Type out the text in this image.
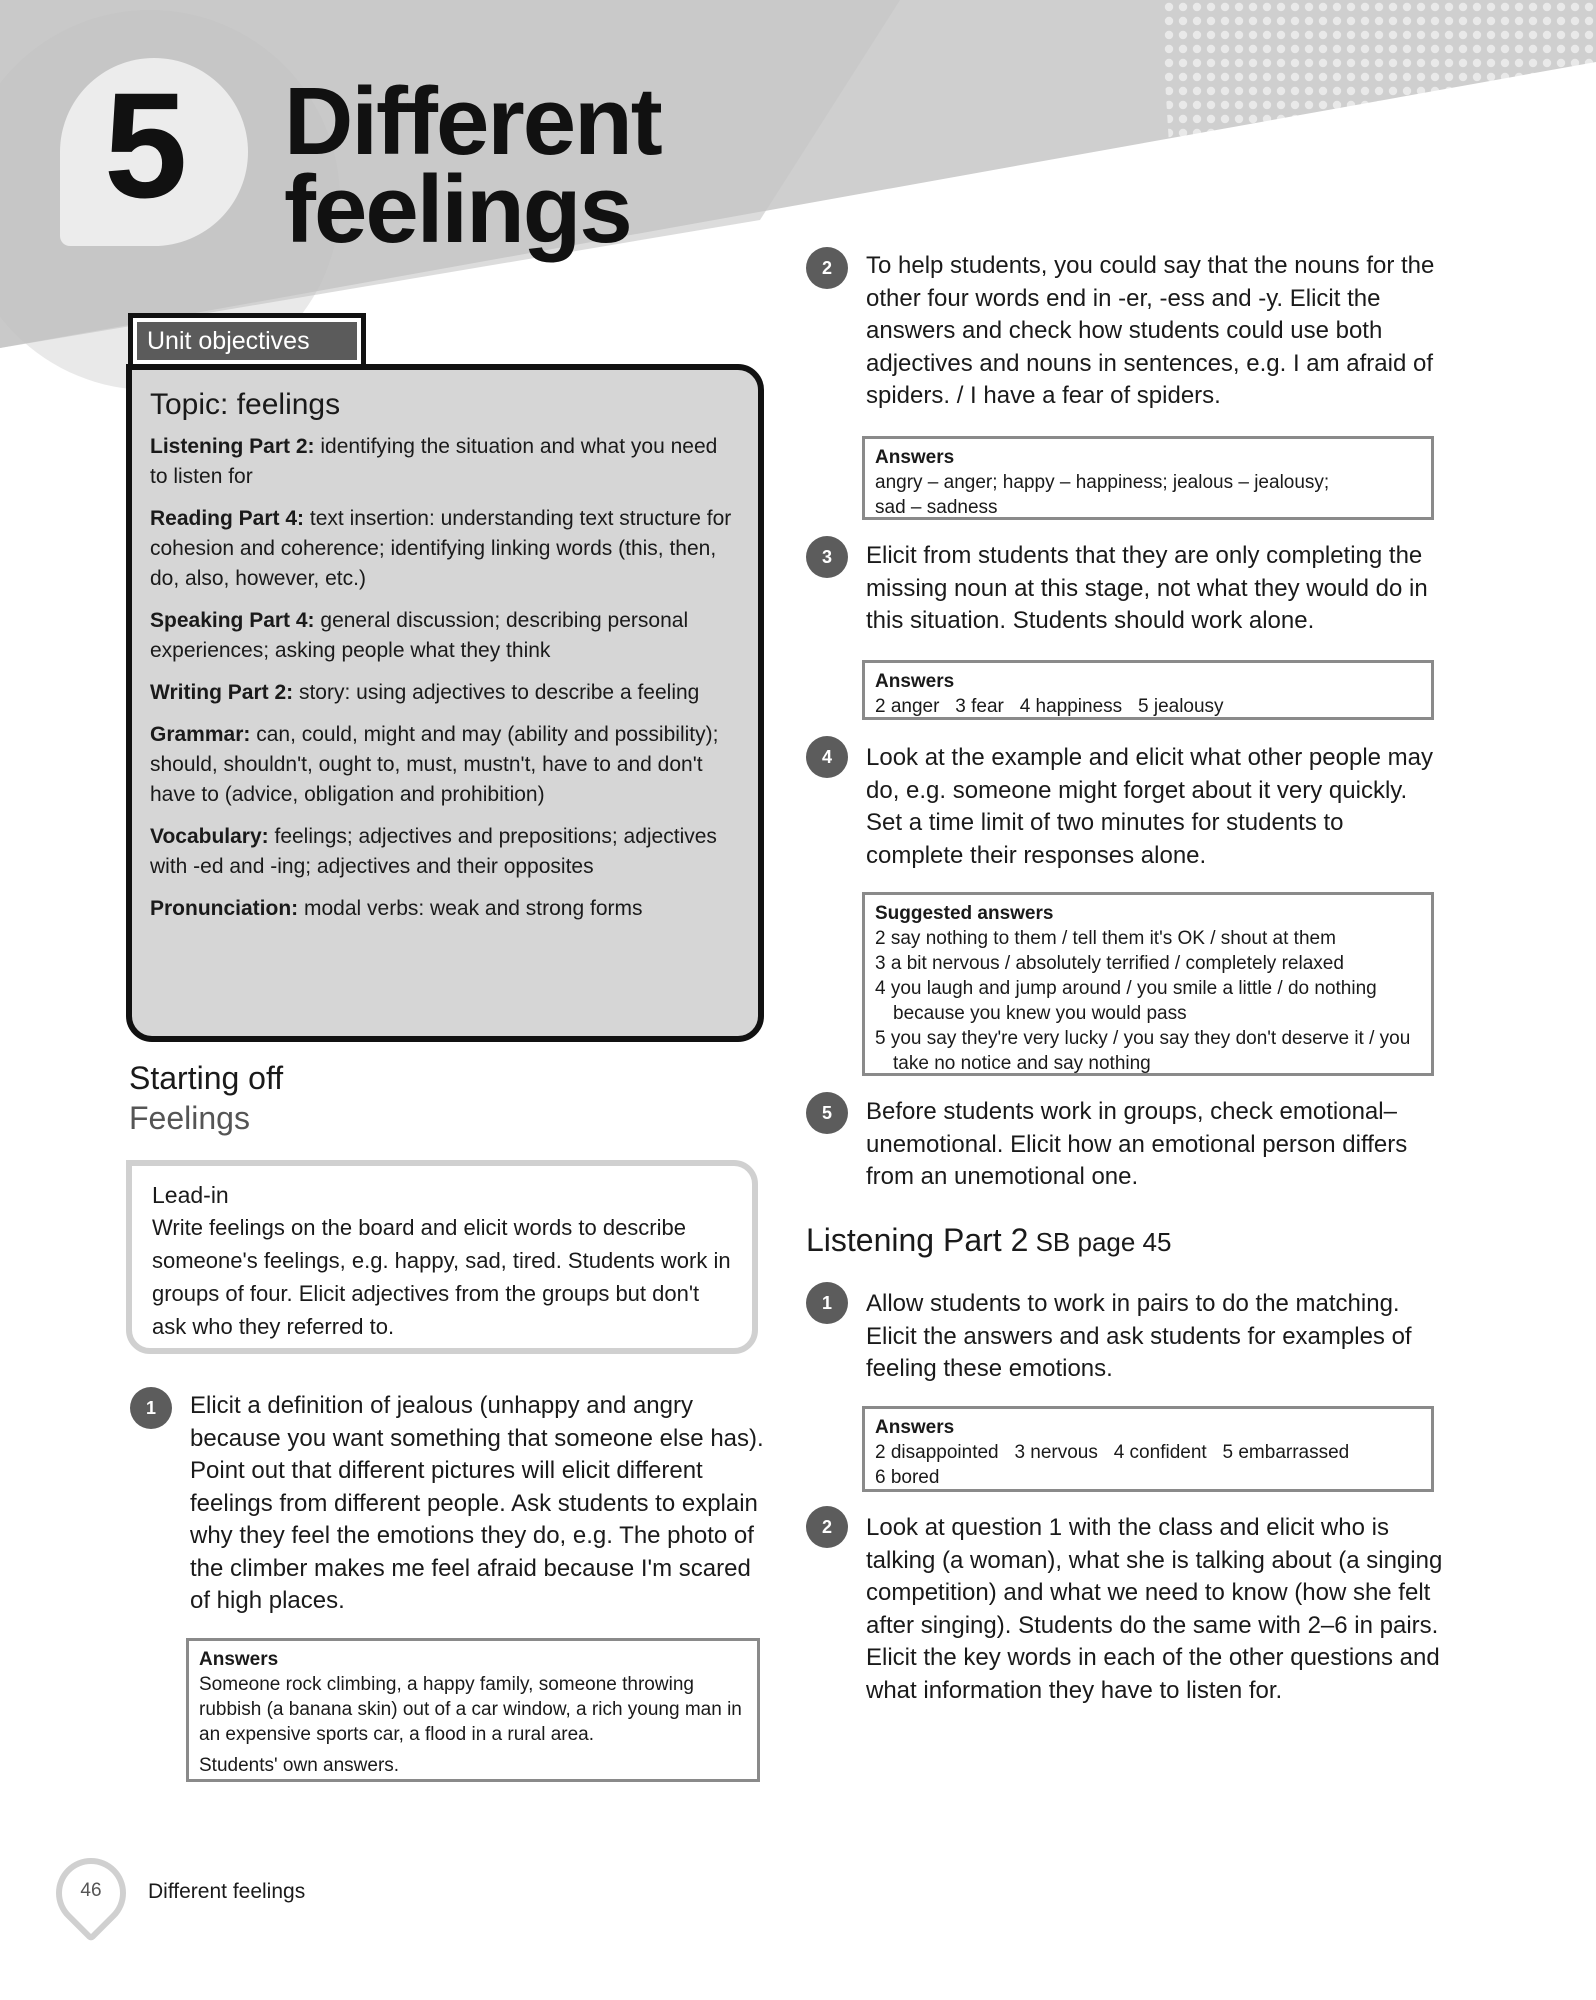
5 Different
feelings
Unit objectives
Topic: feelings
Listening Part 2: identifying the situation and what you need to listen for
Reading Part 4: text insertion: understanding text structure for cohesion and coherence; identifying linking words (this, then, do, also, however, etc.)
Speaking Part 4: general discussion; describing personal experiences; asking people what they think
Writing Part 2: story: using adjectives to describe a feeling
Grammar: can, could, might and may (ability and possibility); should, shouldn't, ought to, must, mustn't, have to and don't have to (advice, obligation and prohibition)
Vocabulary: feelings; adjectives and prepositions; adjectives with -ed and -ing; adjectives and their opposites
Pronunciation: modal verbs: weak and strong forms
Starting off
Feelings
Lead-in
Write feelings on the board and elicit words to describe someone's feelings, e.g. happy, sad, tired. Students work in groups of four. Elicit adjectives from the groups but don't ask who they referred to.
1	Elicit a definition of jealous (unhappy and angry because you want something that someone else has). Point out that different pictures will elicit different feelings from different people. Ask students to explain why they feel the emotions they do, e.g. The photo of the climber makes me feel afraid because I'm scared of high places.
Answers
Someone rock climbing, a happy family, someone throwing rubbish (a banana skin) out of a car window, a rich young man in an expensive sports car, a flood in a rural area.
Students' own answers.
2	To help students, you could say that the nouns for the other four words end in -er, -ess and -y. Elicit the answers and check how students could use both adjectives and nouns in sentences, e.g. I am afraid of spiders. / I have a fear of spiders.
Answers
angry – anger; happy – happiness; jealous – jealousy;
sad – sadness
3	Elicit from students that they are only completing the missing noun at this stage, not what they would do in this situation. Students should work alone.
Answers
2 anger   3 fear   4 happiness   5 jealousy
4	Look at the example and elicit what other people may do, e.g. someone might forget about it very quickly. Set a time limit of two minutes for students to complete their responses alone.
Suggested answers
2 say nothing to them / tell them it's OK / shout at them
3 a bit nervous / absolutely terrified / completely relaxed
4 you laugh and jump around / you smile a little / do nothing because you knew you would pass
5 you say they're very lucky / you say they don't deserve it / you take no notice and say nothing
5	Before students work in groups, check emotional–unemotional. Elicit how an emotional person differs from an unemotional one.
Listening Part 2 SB page 45
1	Allow students to work in pairs to do the matching. Elicit the answers and ask students for examples of feeling these emotions.
Answers
2 disappointed   3 nervous   4 confident   5 embarrassed
6 bored
2	Look at question 1 with the class and elicit who is talking (a woman), what she is talking about (a singing competition) and what we need to know (how she felt after singing). Students do the same with 2–6 in pairs. Elicit the key words in each of the other questions and what information they have to listen for.
46	Different feelings
